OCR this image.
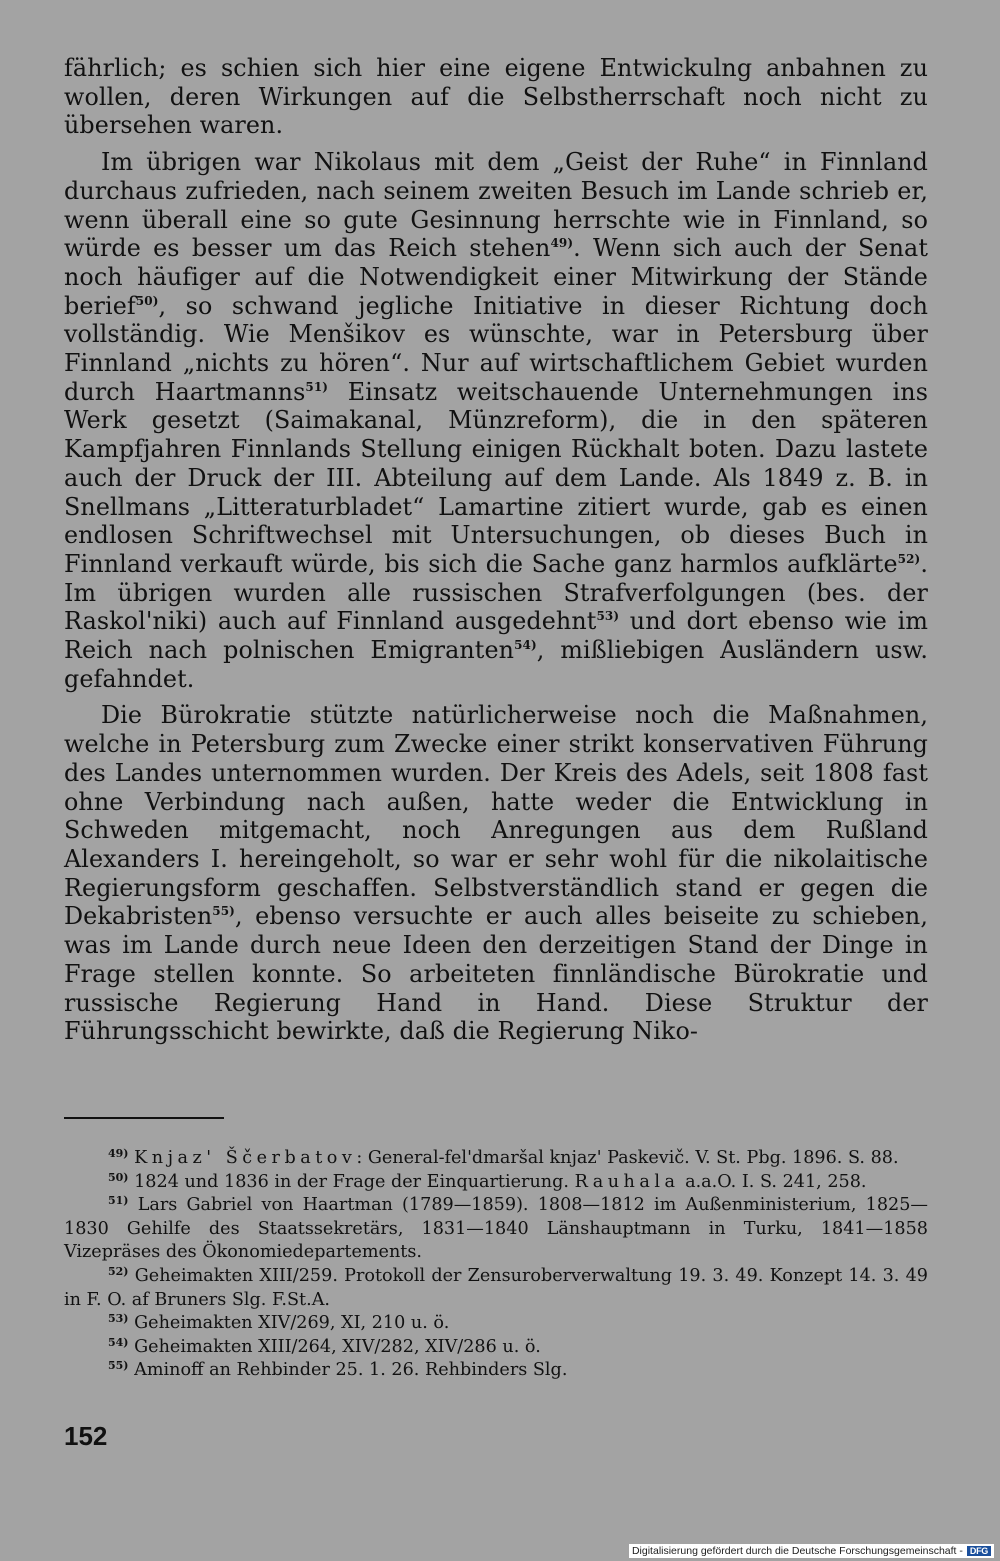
fährlich; es schien sich hier eine eigene Entwickulng anbahnen zu wollen, deren Wirkungen auf die Selbstherrschaft noch nicht zu übersehen waren.

Im übrigen war Nikolaus mit dem „Geist der Ruhe“ in Finnland durchaus zufrieden, nach seinem zweiten Besuch im Lande schrieb er, wenn überall eine so gute Gesinnung herrschte wie in Finnland, so würde es besser um das Reich stehen$^{49)}$. Wenn sich auch der Senat noch häufiger auf die Notwendigkeit einer Mitwirkung der Stände berief$^{50)}$, so schwand jegliche Initiative in dieser Richtung doch vollständig. Wie Menšikov es wünschte, war in Petersburg über Finnland „nichts zu hören“. Nur auf wirtschaftlichem Gebiet wurden durch Haartmanns$^{51)}$ Einsatz weitschauende Unternehmungen ins Werk gesetzt (Saimakanal, Münzreform), die in den späteren Kampfjahren Finnlands Stellung einigen Rückhalt boten. Dazu lastete auch der Druck der III. Abteilung auf dem Lande. Als 1849 z. B. in Snellmans „Litteraturbladet“ Lamartine zitiert wurde, gab es einen endlosen Schriftwechsel mit Untersuchungen, ob dieses Buch in Finnland verkauft würde, bis sich die Sache ganz harmlos aufklärte$^{52)}$. Im übrigen wurden alle russischen Strafverfolgungen (bes. der Raskol'niki) auch auf Finnland ausgedehnt$^{53)}$ und dort ebenso wie im Reich nach polnischen Emigranten$^{54)}$, mißliebigen Ausländern usw. gefahndet.

Die Bürokratie stützte natürlicherweise noch die Maßnahmen, welche in Petersburg zum Zwecke einer strikt konservativen Führung des Landes unternommen wurden. Der Kreis des Adels, seit 1808 fast ohne Verbindung nach außen, hatte weder die Entwicklung in Schweden mitgemacht, noch Anregungen aus dem Rußland Alexanders I. hereingeholt, so war er sehr wohl für die nikolaitische Regierungsform geschaffen. Selbstverständlich stand er gegen die Dekabristen$^{55)}$, ebenso versuchte er auch alles beiseite zu schieben, was im Lande durch neue Ideen den derzeitigen Stand der Dinge in Frage stellen konnte. So arbeiteten finnländische Bürokratie und russische Regierung Hand in Hand. Diese Struktur der Führungsschicht bewirkte, daß die Regierung Niko-

$^{49)}$ Knjaz' Ščerbatov: General-fel'dmaršal knjaz' Paskevič. V. St. Pbg. 1896. S. 88.

$^{50)}$ 1824 und 1836 in der Frage der Einquartierung. Rauhala a.a.O. I. S. 241, 258.

$^{51)}$ Lars Gabriel von Haartman (1789—1859). 1808—1812 im Außenministerium, 1825—1830 Gehilfe des Staatssekretärs, 1831—1840 Länshauptmann in Turku, 1841—1858 Vizepräses des Ökonomiedepartements.

$^{52)}$ Geheimakten XIII/259. Protokoll der Zensuroberverwaltung 19. 3. 49. Konzept 14. 3. 49 in F. O. af Bruners Slg. F.St.A.

$^{53)}$ Geheimakten XIV/269, XI, 210 u. ö.

$^{54)}$ Geheimakten XIII/264, XIV/282, XIV/286 u. ö.

$^{55)}$ Aminoff an Rehbinder 25. 1. 26. Rehbinders Slg.

152
Digitalisierung gefördert durch die Deutsche Forschungsgemeinschaft - DFG
